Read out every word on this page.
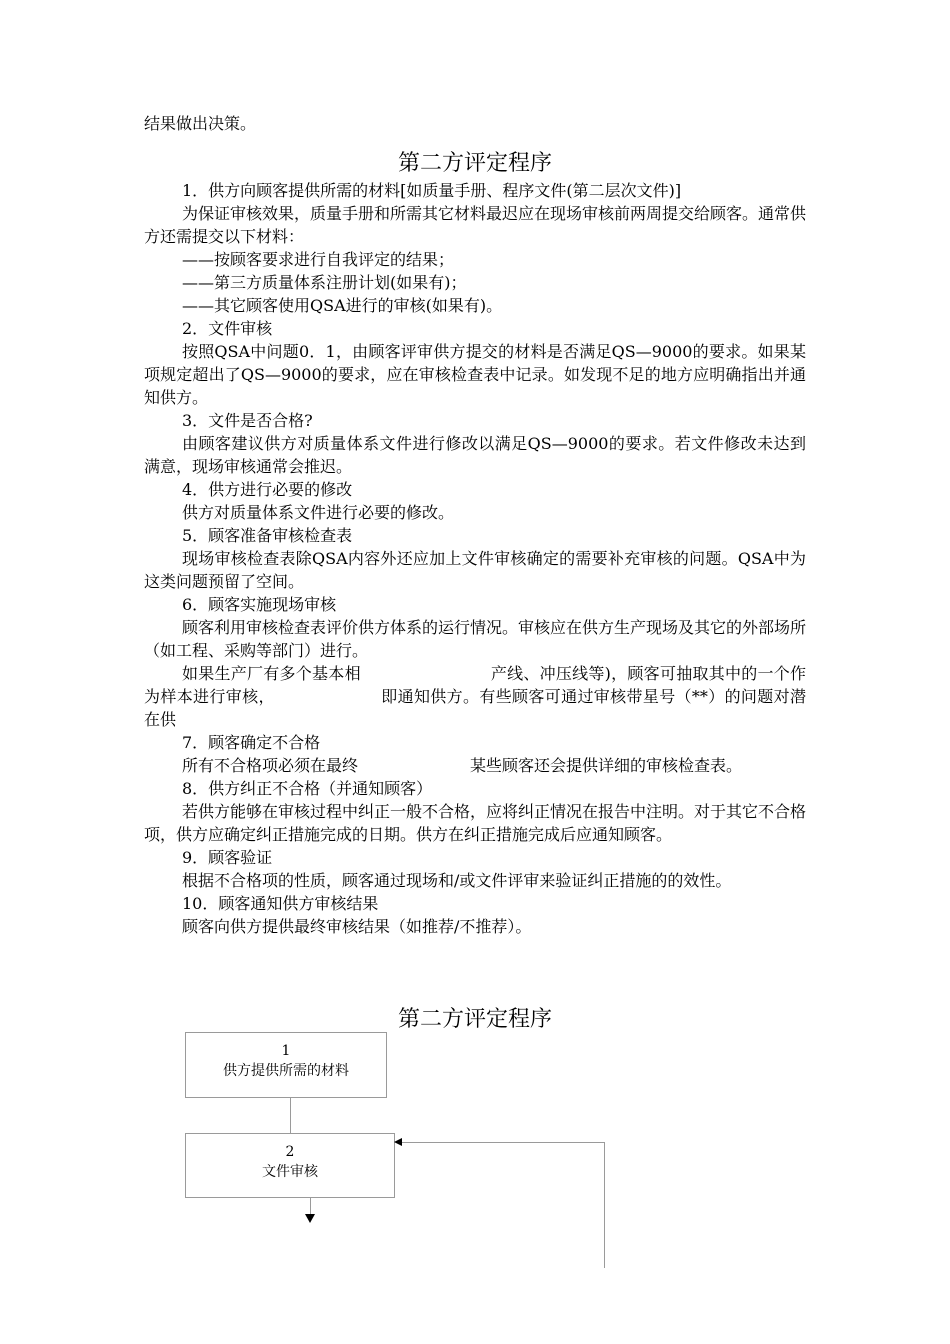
结果做出决策。

第二方评定程序

1．供方向顾客提供所需的材料[如质量手册、程序文件(第二层次文件)]

为保证审核效果，质量手册和所需其它材料最迟应在现场审核前两周提交给顾客。通常供方还需提交以下材料：

——按顾客要求进行自我评定的结果；

——第三方质量体系注册计划(如果有)；

——其它顾客使用QSA进行的审核(如果有)。

2．文件审核

按照QSA中问题0．1，由顾客评审供方提交的材料是否满足QS—9000的要求。如果某项规定超出了QS—9000的要求，应在审核检查表中记录。如发现不足的地方应明确指出并通知供方。

3．文件是否合格?

由顾客建议供方对质量体系文件进行修改以满足QS—9000的要求。若文件修改未达到满意，现场审核通常会推迟。

4．供方进行必要的修改

供方对质量体系文件进行必要的修改。

5．顾客准备审核检查表

现场审核检查表除QSA内容外还应加上文件审核确定的需要补充审核的问题。QSA中为这类问题预留了空间。

6．顾客实施现场审核

顾客利用审核检查表评价供方体系的运行情况。审核应在供方生产现场及其它的外部场所（如工程、采购等部门）进行。

如果生产厂有多个基本相　　　　　　　　产线、冲压线等)，顾客可抽取其中的一个作为样本进行审核，　　　　　　　即通知供方。有些顾客可通过审核带星号（**）的问题对潜在供

7．顾客确定不合格

所有不合格项必须在最终　　　　　　　某些顾客还会提供详细的审核检查表。

8．供方纠正不合格（并通知顾客）

若供方能够在审核过程中纠正一般不合格，应将纠正情况在报告中注明。对于其它不合格项，供方应确定纠正措施完成的日期。供方在纠正措施完成后应通知顾客。

9．顾客验证

根据不合格项的性质，顾客通过现场和/或文件评审来验证纠正措施的的效性。

10．顾客通知供方审核结果

顾客向供方提供最终审核结果（如推荐/不推荐）。

第二方评定程序
1
供方提供所需的材料
2
文件审核
